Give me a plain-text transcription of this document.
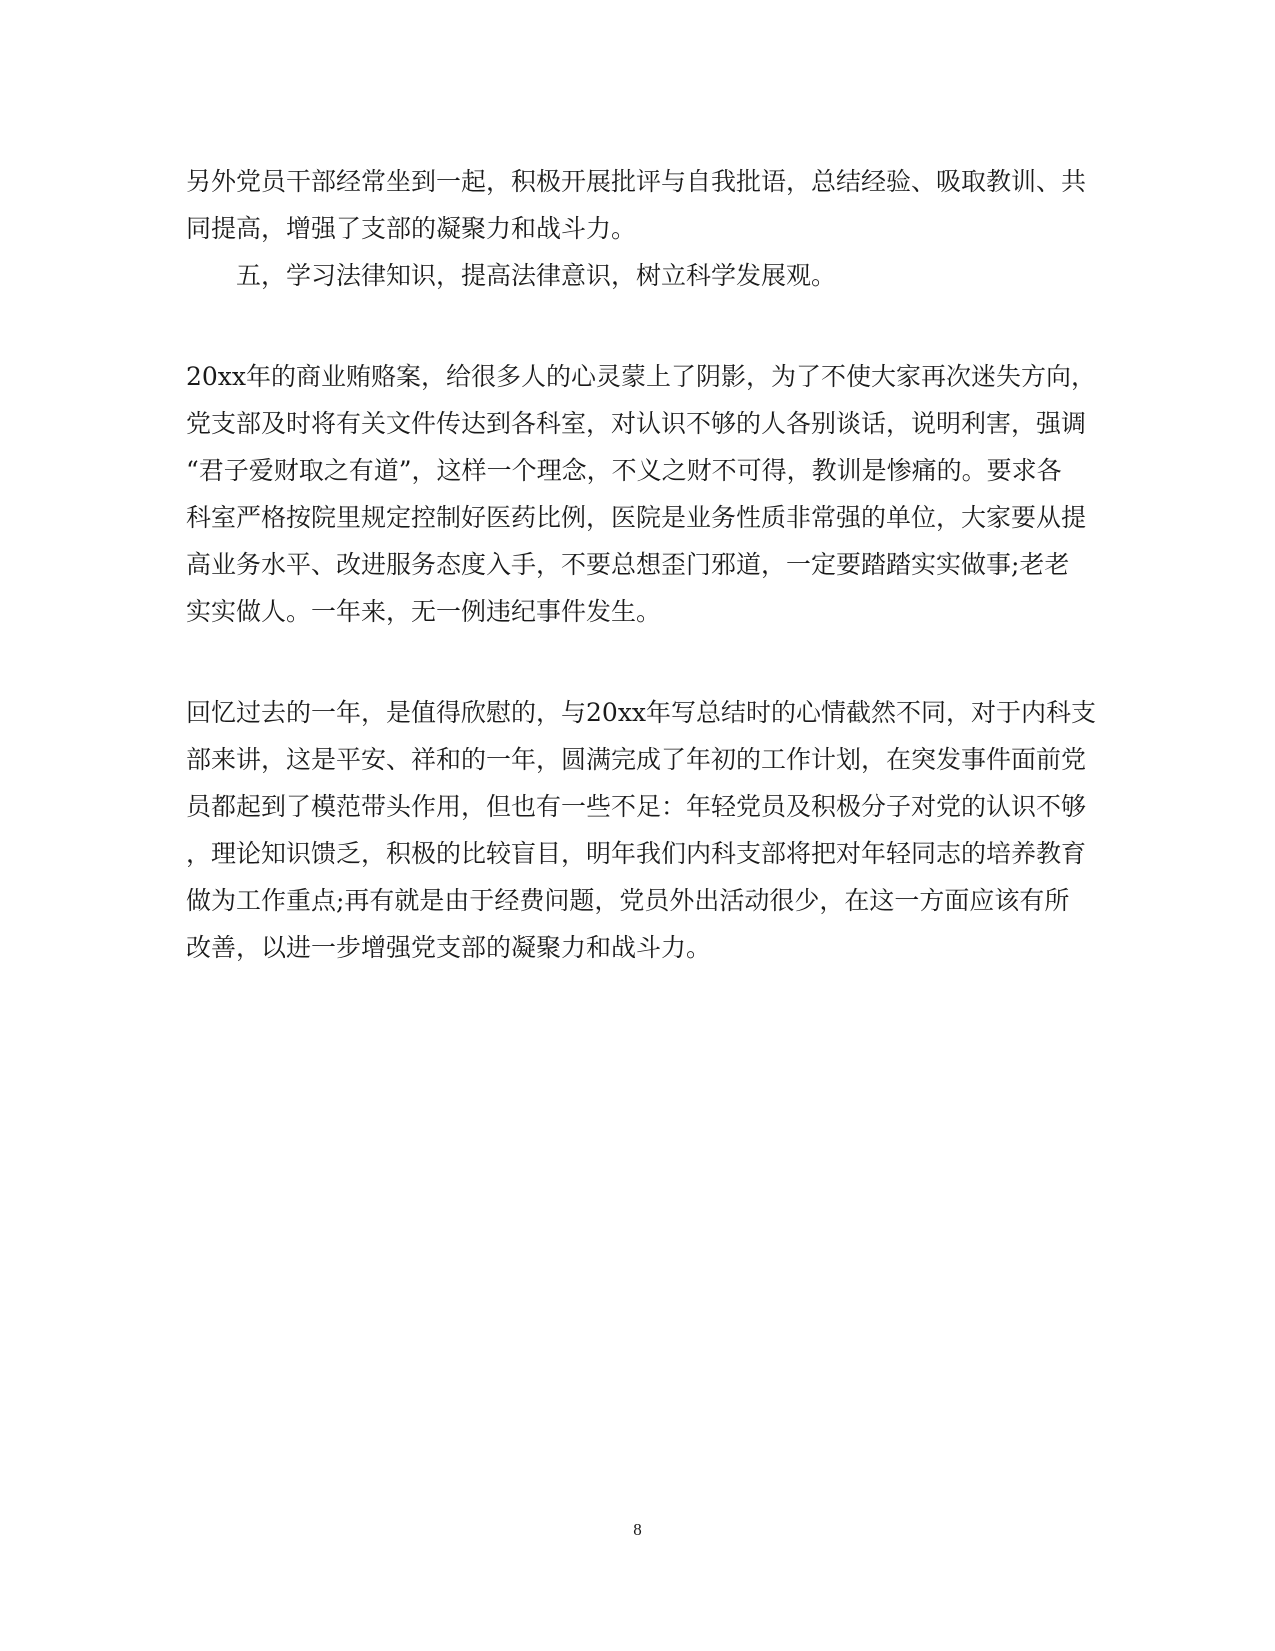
另外党员干部经常坐到一起，积极开展批评与自我批语，总结经验、吸取教训、共

同提高，增强了支部的凝聚力和战斗力。

五，学习法律知识，提高法律意识，树立科学发展观。

20xx年的商业贿赂案，给很多人的心灵蒙上了阴影，为了不使大家再次迷失方向，

党支部及时将有关文件传达到各科室，对认识不够的人各别谈话，说明利害，强调

“君子爱财取之有道”，这样一个理念，不义之财不可得，教训是惨痛的。要求各

科室严格按院里规定控制好医药比例，医院是业务性质非常强的单位，大家要从提

高业务水平、改进服务态度入手，不要总想歪门邪道，一定要踏踏实实做事;老老

实实做人。一年来，无一例违纪事件发生。

回忆过去的一年，是值得欣慰的，与20xx年写总结时的心情截然不同，对于内科支

部来讲，这是平安、祥和的一年，圆满完成了年初的工作计划，在突发事件面前党

员都起到了模范带头作用，但也有一些不足：年轻党员及积极分子对党的认识不够

，理论知识馈乏，积极的比较盲目，明年我们内科支部将把对年轻同志的培养教育

做为工作重点;再有就是由于经费问题，党员外出活动很少，在这一方面应该有所

改善，以进一步增强党支部的凝聚力和战斗力。

8
